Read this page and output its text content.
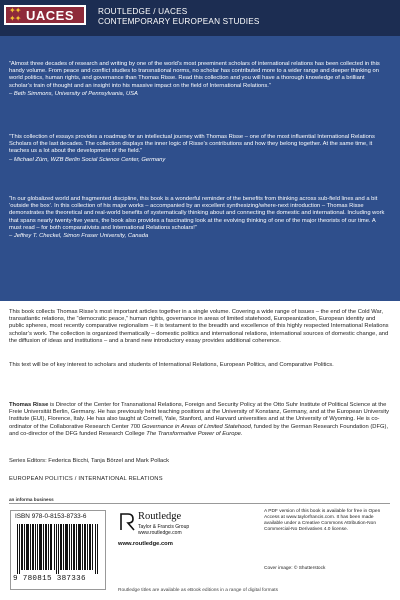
✦✦
✦✦ UACES	ROUTLEDGE / UACES
CONTEMPORARY EUROPEAN STUDIES

“Almost three decades of research and writing by one of the world’s most preeminent scholars of international relations has been collected in this handy volume. From peace and conflict studies to transnational norms, no scholar has contributed more to a wider range and deeper thinking on world politics, human rights, and governance than Thomas Risse. Read this collection and you will have a thorough knowledge of a brilliant scholar’s train of thought and an insight into his massive impact on the field of International Relations.”

– Beth Simmons, University of Pennsylvania, USA

“This collection of essays provides a roadmap for an intellectual journey with Thomas Risse – one of the most influential International Relations Scholars of the last decades. The collection displays the inner logic of Risse’s contributions and how they belong together. At the same time, it teaches us a lot about the development of the field.”

– Michael Zürn, WZB Berlin Social Science Center, Germany

“In our globalized world and fragmented discipline, this book is a wonderful reminder of the benefits from thinking across sub-field lines and a bit ‘outside the box’. In this collection of his major works – accompanied by an excellent synthesizing/where-next introduction – Thomas Risse demonstrates the theoretical and real-world benefits of systematically thinking about and connecting the domestic and international. Including work that spans nearly twenty-five years, the book also provides a fascinating look at the evolving thinking of one of the major theorists of our time. A must read – for both comparativists and International Relations scholars!”

– Jeffrey T. Checkel, Simon Fraser University, Canada

This book collects Thomas Risse’s most important articles together in a single volume. Covering a wide range of issues – the end of the Cold War, transatlantic relations, the “democratic peace,” human rights, governance in areas of limited statehood, Europeanization, European identity and public spheres, most recently comparative regionalism – it is testament to the breadth and excellence of this highly respected International Relations scholar’s work. The collection is organized thematically – domestic politics and international relations, international sources of domestic change, and the diffusion of ideas and institutions – and a brand new introductory essay provides additional coherence.
This text will be of key interest to scholars and students of International Relations, European Politics, and Comparative Politics.
Thomas Risse is Director of the Center for Transnational Relations, Foreign and Security Policy at the Otto Suhr Institute of Political Science at the Freie Universität Berlin, Germany. He has previously held teaching positions at the University of Konstanz, Germany, and at the European University Institute (EUI), Florence, Italy. He has also taught at Cornell, Yale, Stanford, and Harvard universities and at the University of Wyoming. He is co-ordinator of the Collaborative Research Center 700 Governance in Areas of Limited Statehood, funded by the German Research Foundation (DFG), and co-director of the DFG funded Research College The Transformative Power of Europe.
Series Editors: Federica Bicchi, Tanja Börzel and Mark Pollack
EUROPEAN POLITICS / INTERNATIONAL RELATIONS
an informa business
ISBN 978-0-8153-8733-6
9 780815 387336
Routledge
Taylor & Francis Group
www.routledge.com
www.routledge.com
A PDF version of this book is available for free in Open Access at www.taylorfrancis.com. It has been made available under a Creative Commons Attribution-Non Commercial-No Derivatives 4.0 license.
Cover image: © Shutterstock
Routledge titles are available as eBook editions in a range of digital formats
